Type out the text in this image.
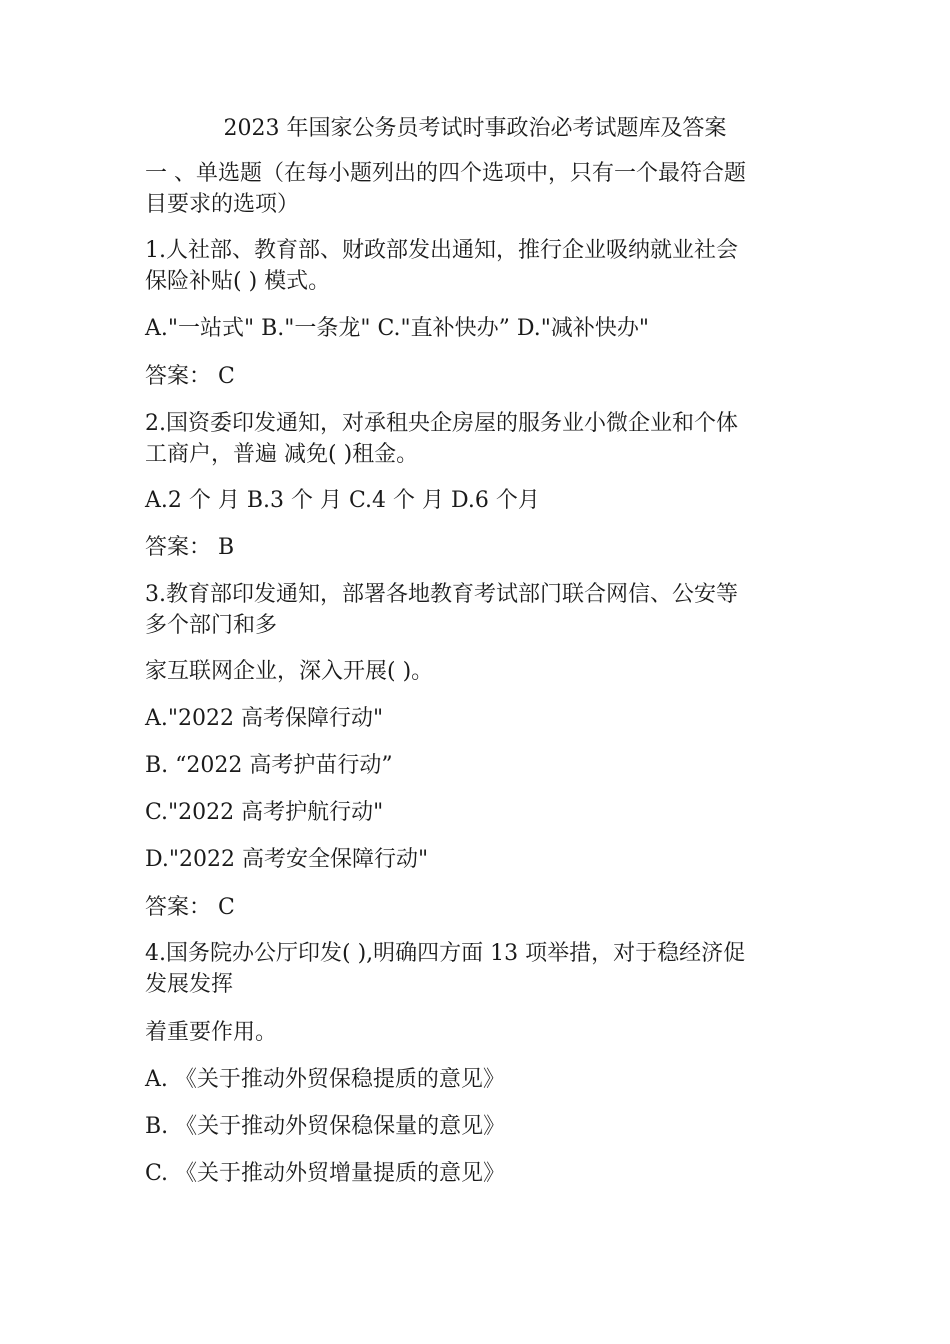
2023 年国家公务员考试时事政治必考试题库及答案
一 、单选题（在每小题列出的四个选项中，只有一个最符合题
目要求的选项）
1.人社部、教育部、财政部发出通知，推行企业吸纳就业社会
保险补贴( ) 模式。
A."一站式" B."一条龙" C."直补快办” D."减补快办"
答案： C
2.国资委印发通知，对承租央企房屋的服务业小微企业和个体
工商户，普遍 减免( )租金。
A.2 个 月 B.3 个 月 C.4 个 月 D.6 个月
答案： B
3.教育部印发通知，部署各地教育考试部门联合网信、公安等
多个部门和多
家互联网企业，深入开展( )。
A."2022 高考保障行动"
B. “2022 高考护苗行动”
C."2022 高考护航行动"
D."2022 高考安全保障行动"
答案： C
4.国务院办公厅印发( ),明确四方面 13 项举措，对于稳经济促
发展发挥
着重要作用。
A. 《关于推动外贸保稳提质的意见》
B. 《关于推动外贸保稳保量的意见》
C. 《关于推动外贸增量提质的意见》
